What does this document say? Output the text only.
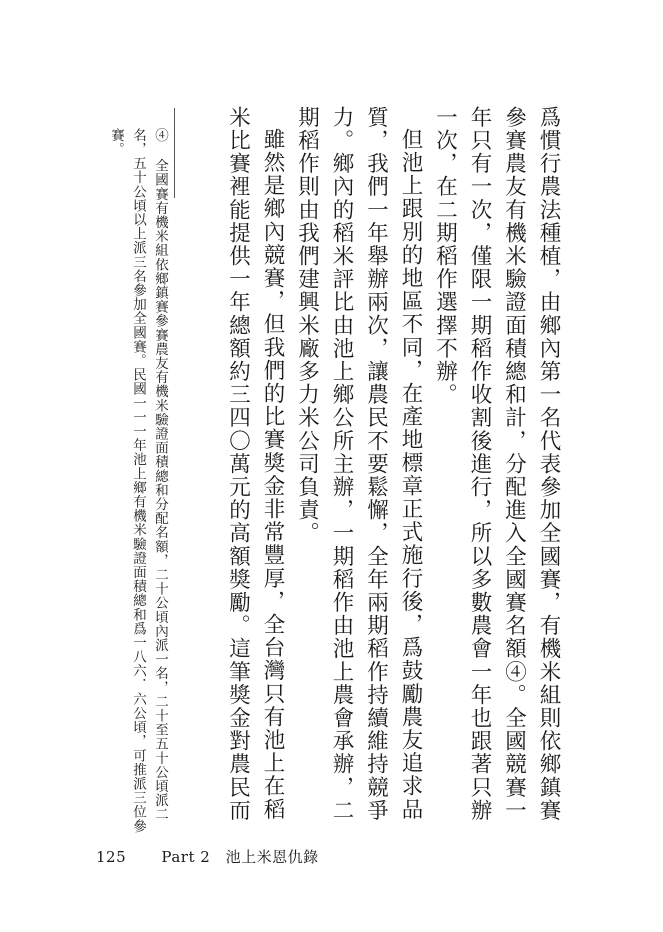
爲慣行農法種植，由鄉內第一名代表參加全國賽，有機米組則依鄉鎮賽參賽農友有機米驗證面積總和計，分配進入全國賽名額④。全國競賽一年只有一次，僅限一期稻作收割後進行，所以多數農會一年也跟著只辦一次，在二期稻作選擇不辦。

但池上跟別的地區不同，在產地標章正式施行後，爲鼓勵農友追求品質，我們一年舉辦兩次，讓農民不要鬆懈，全年兩期稻作持續維持競爭力。鄉內的稻米評比由池上鄉公所主辦，一期稻作由池上農會承辦，二期稻作則由我們建興米廠多力米公司負責。

雖然是鄉內競賽，但我們的比賽獎金非常豐厚，全台灣只有池上在稻米比賽裡能提供一年總額約三四〇萬元的高額獎勵。這筆獎金對農民而

④ 全國賽有機米組依鄉鎮賽參賽農友有機米驗證面積總和分配名額，二十公頃內派一名，二十至五十公頃派二名，五十公頃以上派三名參加全國賽。民國一一一年池上鄉有機米驗證面積總和爲一八六．六公頃，可推派三位參賽。

125 Part 2 池上米恩仇錄
